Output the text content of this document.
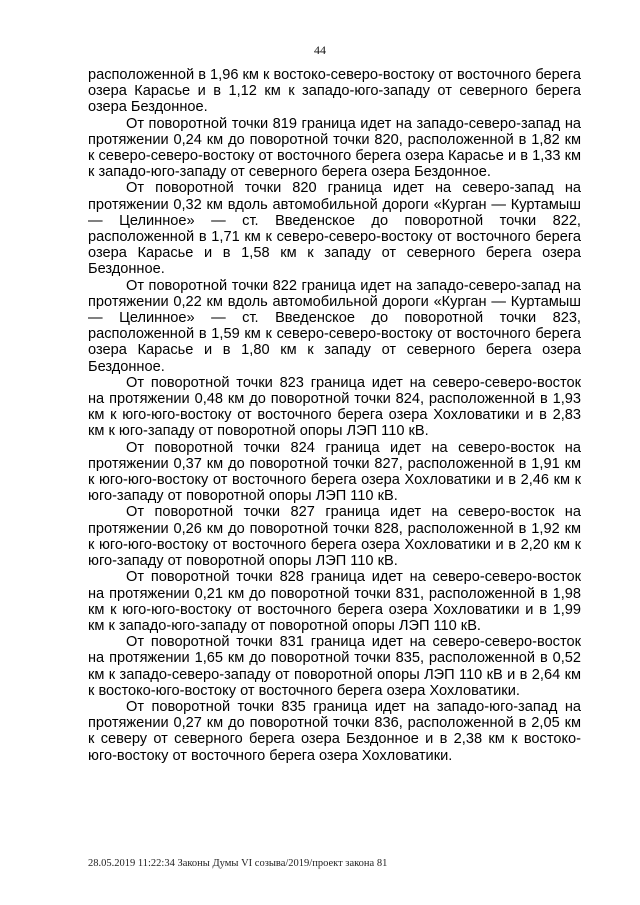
44

расположенной в 1,96 км к востоко-северо-востоку от восточного берега озера Карасье и в 1,12 км к западо-юго-западу от северного берега озера Бездонное.

От поворотной точки 819 граница идет на западо-северо-запад на протяжении 0,24 км до поворотной точки 820, расположенной в 1,82 км к северо-северо-востоку от восточного берега озера Карасье и в 1,33 км к западо-юго-западу от северного берега озера Бездонное.

От поворотной точки 820 граница идет на северо-запад на протяжении 0,32 км вдоль автомобильной дороги «Курган — Куртамыш — Целинное» — ст. Введенское до поворотной точки 822, расположенной в 1,71 км к северо-северо-востоку от восточного берега озера Карасье и в 1,58 км к западу от северного берега озера Бездонное.

От поворотной точки 822 граница идет на западо-северо-запад на протяжении 0,22 км вдоль автомобильной дороги «Курган — Куртамыш — Целинное» — ст. Введенское до поворотной точки 823, расположенной в 1,59 км к северо-северо-востоку от восточного берега озера Карасье и в 1,80 км к западу от северного берега озера Бездонное.

От поворотной точки 823 граница идет на северо-северо-восток на протяжении 0,48 км до поворотной точки 824, расположенной в 1,93 км к юго-юго-востоку от восточного берега озера Хохловатики и в 2,83 км к юго-западу от поворотной опоры ЛЭП 110 кВ.

От поворотной точки 824 граница идет на северо-восток на протяжении 0,37 км до поворотной точки 827, расположенной в 1,91 км к юго-юго-востоку от восточного берега озера Хохловатики и в 2,46 км к юго-западу от поворотной опоры ЛЭП 110 кВ.

От поворотной точки 827 граница идет на северо-восток на протяжении 0,26 км до поворотной точки 828, расположенной в 1,92 км к юго-юго-востоку от восточного берега озера Хохловатики и в 2,20 км к юго-западу от поворотной опоры ЛЭП 110 кВ.

От поворотной точки 828 граница идет на северо-северо-восток на протяжении 0,21 км до поворотной точки 831, расположенной в 1,98 км к юго-юго-востоку от восточного берега озера Хохловатики и в 1,99 км к западо-юго-западу от поворотной опоры ЛЭП 110 кВ.

От поворотной точки 831 граница идет на северо-северо-восток на протяжении 1,65 км до поворотной точки 835, расположенной в 0,52 км к западо-северо-западу от поворотной опоры ЛЭП 110 кВ и в 2,64 км к востоко-юго-востоку от восточного берега озера Хохловатики.

От поворотной точки 835 граница идет на западо-юго-запад на протяжении 0,27 км до поворотной точки 836, расположенной в 2,05 км к северу от северного берега озера Бездонное и в 2,38 км к востоко-юго-востоку от восточного берега озера Хохловатики.

28.05.2019 11:22:34 Законы Думы VI созыва/2019/проект закона 81
